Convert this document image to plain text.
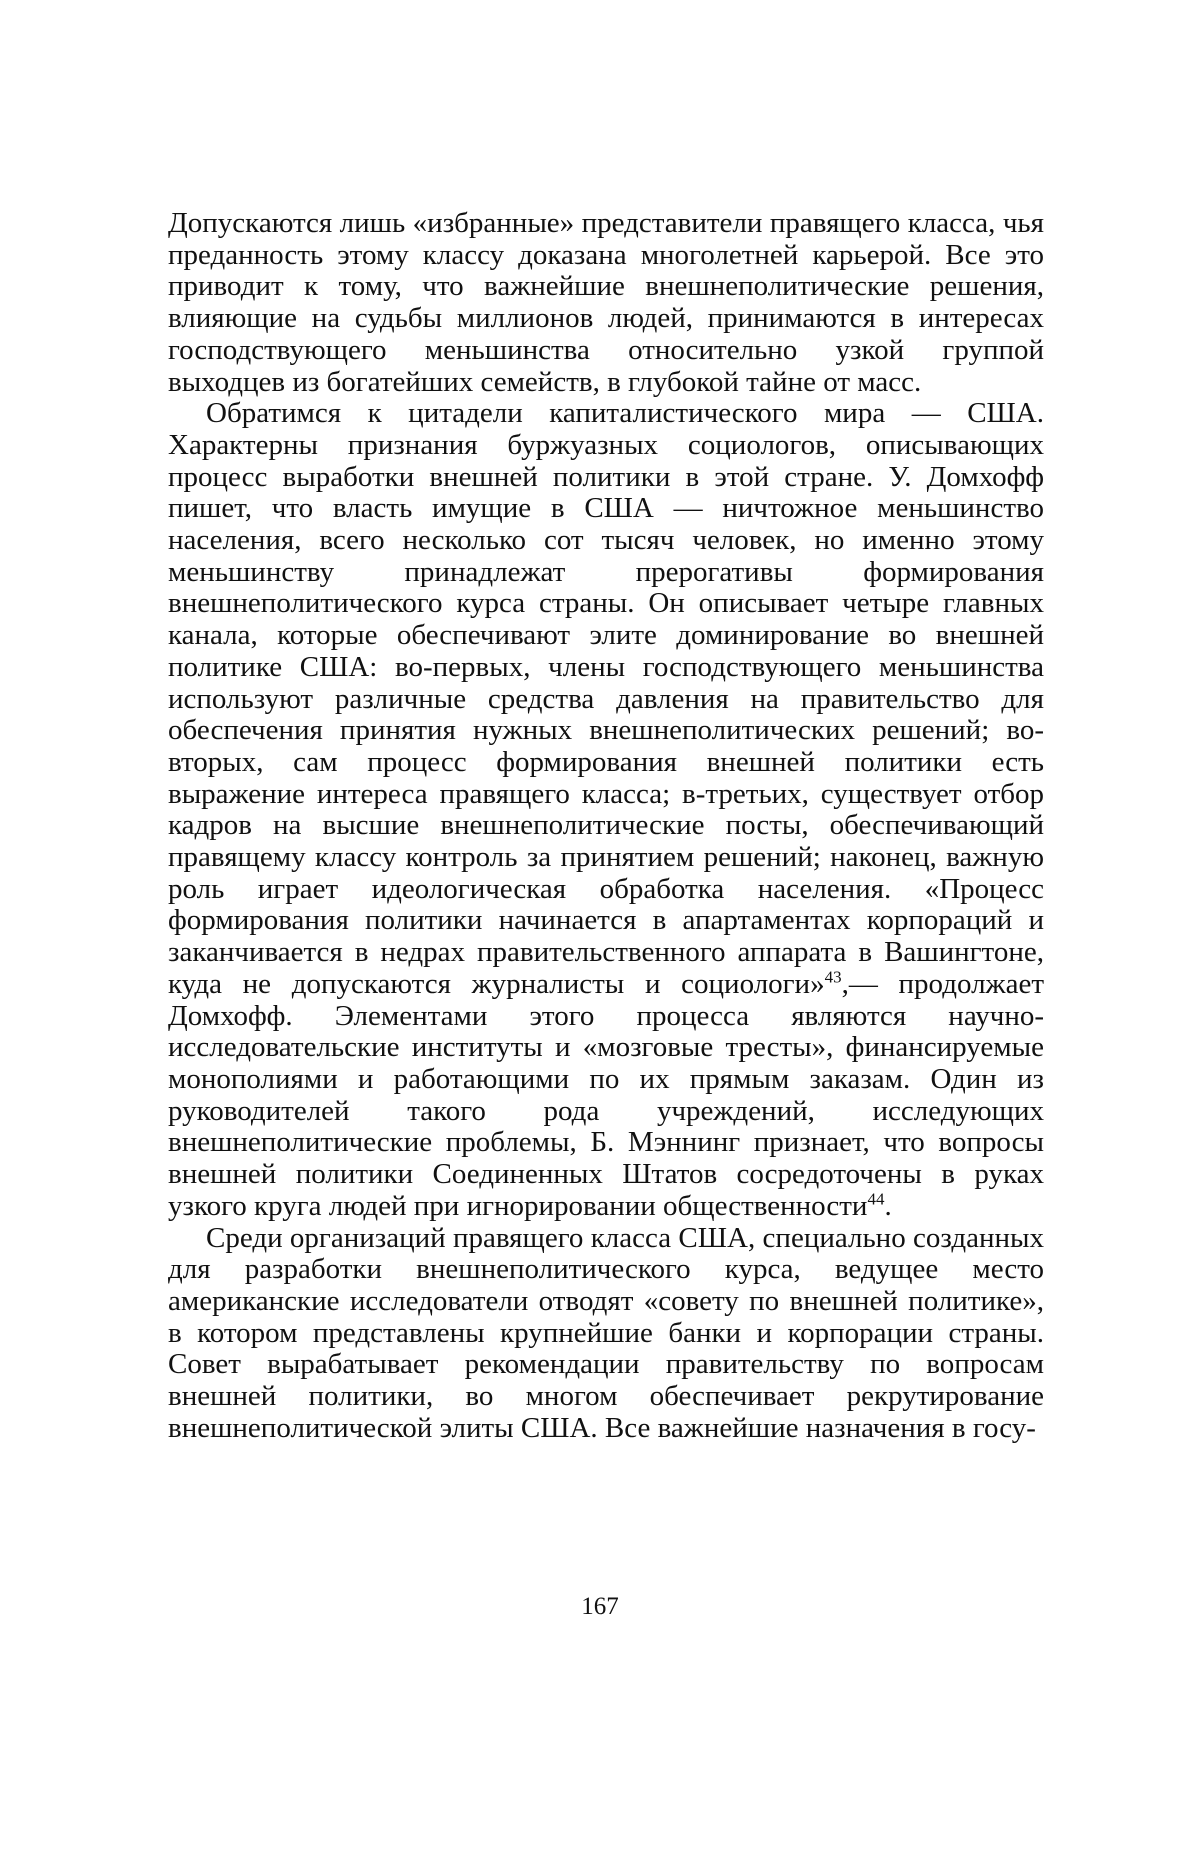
Допускаются лишь «избранные» представители правящего класса, чья преданность этому классу доказана многолетней карьерой. Все это приводит к тому, что важнейшие внешнеполитические решения, влияющие на судьбы миллионов людей, принимаются в интересах господствующего меньшинства относительно узкой группой выходцев из богатейших семейств, в глубокой тайне от масс.

Обратимся к цитадели капиталистического мира — США. Характерны признания буржуазных социологов, описывающих процесс выработки внешней политики в этой стране. У. Домхофф пишет, что власть имущие в США — ничтожное меньшинство населения, всего несколько сот тысяч человек, но именно этому меньшинству принадлежат прерогативы формирования внешнеполитического курса страны. Он описывает четыре главных канала, которые обеспечивают элите доминирование во внешней политике США: во-первых, члены господствующего меньшинства используют различные средства давления на правительство для обеспечения принятия нужных внешнеполитических решений; во-вторых, сам процесс формирования внешней политики есть выражение интереса правящего класса; в-третьих, существует отбор кадров на высшие внешнеполитические посты, обеспечивающий правящему классу контроль за принятием решений; наконец, важную роль играет идеологическая обработка населения. «Процесс формирования политики начинается в апартаментах корпораций и заканчивается в недрах правительственного аппарата в Вашингтоне, куда не допускаются журналисты и социологи»$^{43}$,— продолжает Домхофф. Элементами этого процесса являются научно-исследовательские институты и «мозговые тресты», финансируемые монополиями и работающими по их прямым заказам. Один из руководителей такого рода учреждений, исследующих внешнеполитические проблемы, Б. Мэннинг признает, что вопросы внешней политики Соединенных Штатов сосредоточены в руках узкого круга людей при игнорировании общественности$^{44}$.

Среди организаций правящего класса США, специально созданных для разработки внешнеполитического курса, ведущее место американские исследователи отводят «совету по внешней политике», в котором представлены крупнейшие банки и корпорации страны. Совет вырабатывает рекомендации правительству по вопросам внешней политики, во многом обеспечивает рекрутирование внешнеполитической элиты США. Все важнейшие назначения в госу-

167
